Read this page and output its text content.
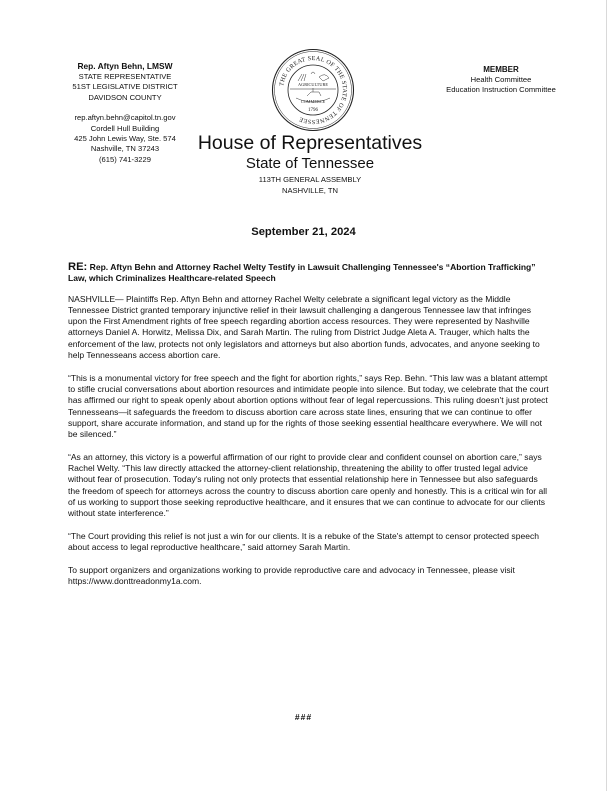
Rep. Aftyn Behn, LMSW
STATE REPRESENTATIVE
51ST LEGISLATIVE DISTRICT
DAVIDSON COUNTY
rep.aftyn.behn@capitol.tn.gov
Cordell Hull Building
425 John Lewis Way, Ste. 574
Nashville, TN 37243
(615) 741-3229
MEMBER
Health Committee
Education Instruction Committee
THE GREAT SEAL OF THE STATE OF TENNESSEE
AGRICULTURE
COMMERCE
1796
House of Representatives
State of Tennessee
113TH GENERAL ASSEMBLY
NASHVILLE, TN
September 21, 2024
RE: Rep. Aftyn Behn and Attorney Rachel Welty Testify in Lawsuit Challenging Tennessee's “Abortion Trafficking” Law, which Criminalizes Healthcare-related Speech

NASHVILLE— Plaintiffs Rep. Aftyn Behn and attorney Rachel Welty celebrate a significant legal victory as the Middle Tennessee District granted temporary injunctive relief in their lawsuit challenging a dangerous Tennessee law that infringes upon the First Amendment rights of free speech regarding abortion access resources. They were represented by Nashville attorneys Daniel A. Horwitz, Melissa Dix, and Sarah Martin. The ruling from District Judge Aleta A. Trauger, which halts the enforcement of the law, protects not only legislators and attorneys but also abortion funds, advocates, and anyone seeking to help Tennesseans access abortion care.

“This is a monumental victory for free speech and the fight for abortion rights,” says Rep. Behn. “This law was a blatant attempt to stifle crucial conversations about abortion resources and intimidate people into silence. But today, we celebrate that the court has affirmed our right to speak openly about abortion options without fear of legal repercussions. This ruling doesn't just protect Tennesseans—it safeguards the freedom to discuss abortion care across state lines, ensuring that we can continue to offer support, share accurate information, and stand up for the rights of those seeking essential healthcare everywhere. We will not be silenced.”

“As an attorney, this victory is a powerful affirmation of our right to provide clear and confident counsel on abortion care,” says Rachel Welty. “This law directly attacked the attorney-client relationship, threatening the ability to offer trusted legal advice without fear of prosecution. Today's ruling not only protects that essential relationship here in Tennessee but also safeguards the freedom of speech for attorneys across the country to discuss abortion care openly and honestly. This is a critical win for all of us working to support those seeking reproductive healthcare, and it ensures that we can continue to advocate for our clients without state interference.”

“The Court providing this relief is not just a win for our clients. It is a rebuke of the State's attempt to censor protected speech about access to legal reproductive healthcare,” said attorney Sarah Martin.

To support organizers and organizations working to provide reproductive care and advocacy in Tennessee, please visit https://www.donttreadonmy1a.com.

###
